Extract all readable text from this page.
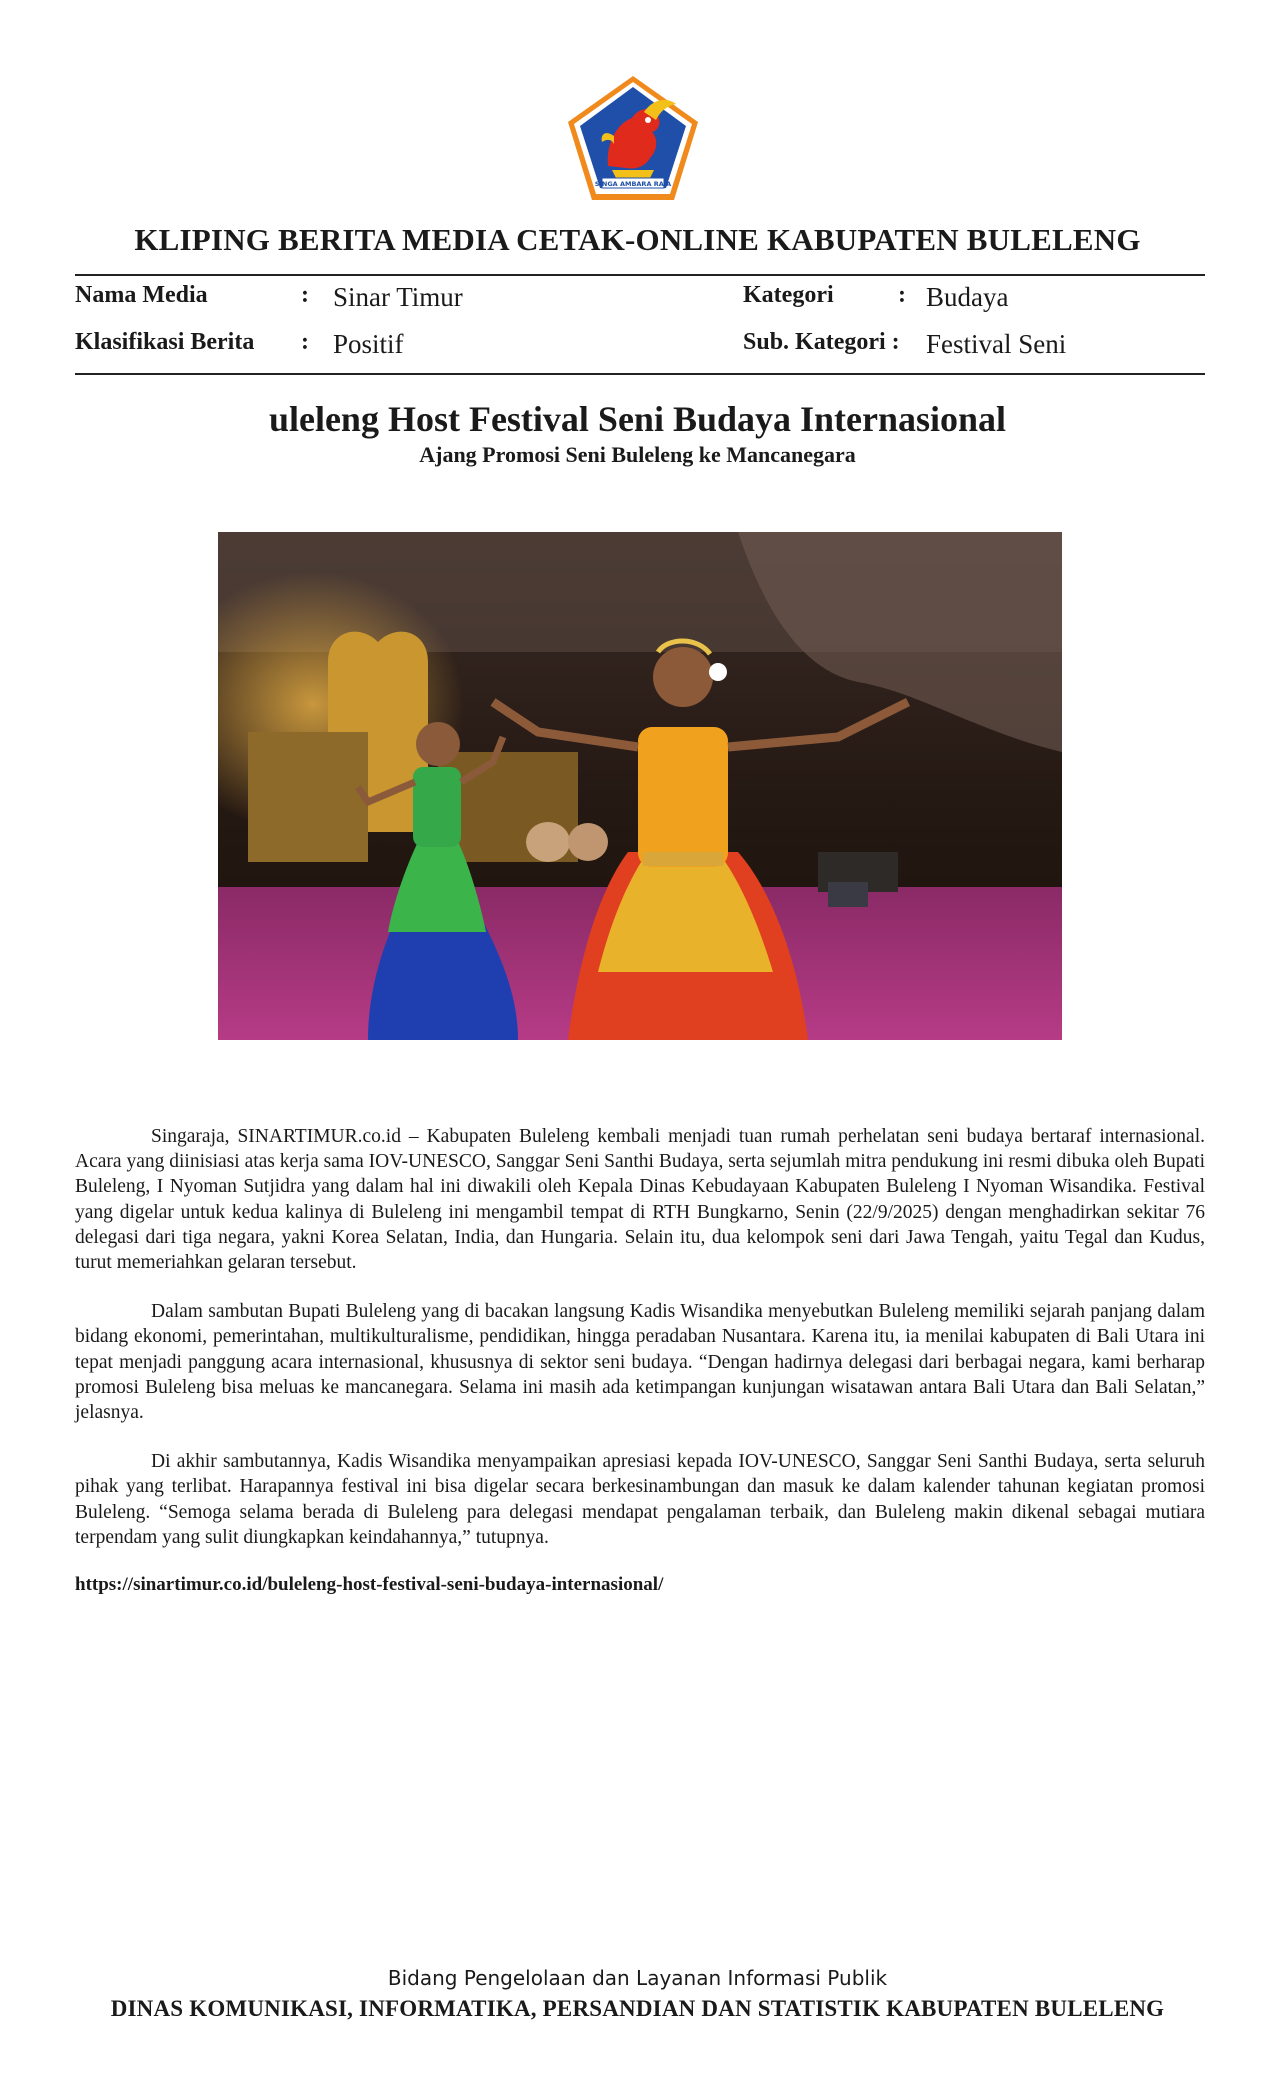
SINGA AMBARA RAJA
KLIPING BERITA MEDIA CETAK-ONLINE KABUPATEN BULELENG
Nama Media	: Sinar Timur
Klasifikasi Berita : Positif
Kategori	: Budaya
Sub. Kategori : Festival Seni
uleleng Host Festival Seni Budaya Internasional
Ajang Promosi Seni Buleleng ke Mancanegara

Singaraja, SINARTIMUR.co.id – Kabupaten Buleleng kembali menjadi tuan rumah perhelatan seni budaya bertaraf internasional. Acara yang diinisiasi atas kerja sama IOV-UNESCO, Sanggar Seni Santhi Budaya, serta sejumlah mitra pendukung ini resmi dibuka oleh Bupati Buleleng, I Nyoman Sutjidra yang dalam hal ini diwakili oleh Kepala Dinas Kebudayaan Kabupaten Buleleng I Nyoman Wisandika. Festival yang digelar untuk kedua kalinya di Buleleng ini mengambil tempat di RTH Bungkarno, Senin (22/9/2025) dengan menghadirkan sekitar 76 delegasi dari tiga negara, yakni Korea Selatan, India, dan Hungaria. Selain itu, dua kelompok seni dari Jawa Tengah, yaitu Tegal dan Kudus, turut memeriahkan gelaran tersebut.

Dalam sambutan Bupati Buleleng yang di bacakan langsung Kadis Wisandika menyebutkan Buleleng memiliki sejarah panjang dalam bidang ekonomi, pemerintahan, multikulturalisme, pendidikan, hingga peradaban Nusantara. Karena itu, ia menilai kabupaten di Bali Utara ini tepat menjadi panggung acara internasional, khususnya di sektor seni budaya. “Dengan hadirnya delegasi dari berbagai negara, kami berharap promosi Buleleng bisa meluas ke mancanegara. Selama ini masih ada ketimpangan kunjungan wisatawan antara Bali Utara dan Bali Selatan,” jelasnya.

Di akhir sambutannya, Kadis Wisandika menyampaikan apresiasi kepada IOV-UNESCO, Sanggar Seni Santhi Budaya, serta seluruh pihak yang terlibat. Harapannya festival ini bisa digelar secara berkesinambungan dan masuk ke dalam kalender tahunan kegiatan promosi Buleleng. “Semoga selama berada di Buleleng para delegasi mendapat pengalaman terbaik, dan Buleleng makin dikenal sebagai mutiara terpendam yang sulit diungkapkan keindahannya,” tutupnya.

https://sinartimur.co.id/buleleng-host-festival-seni-budaya-internasional/
Bidang Pengelolaan dan Layanan Informasi Publik
DINAS KOMUNIKASI, INFORMATIKA, PERSANDIAN DAN STATISTIK KABUPATEN BULELENG
